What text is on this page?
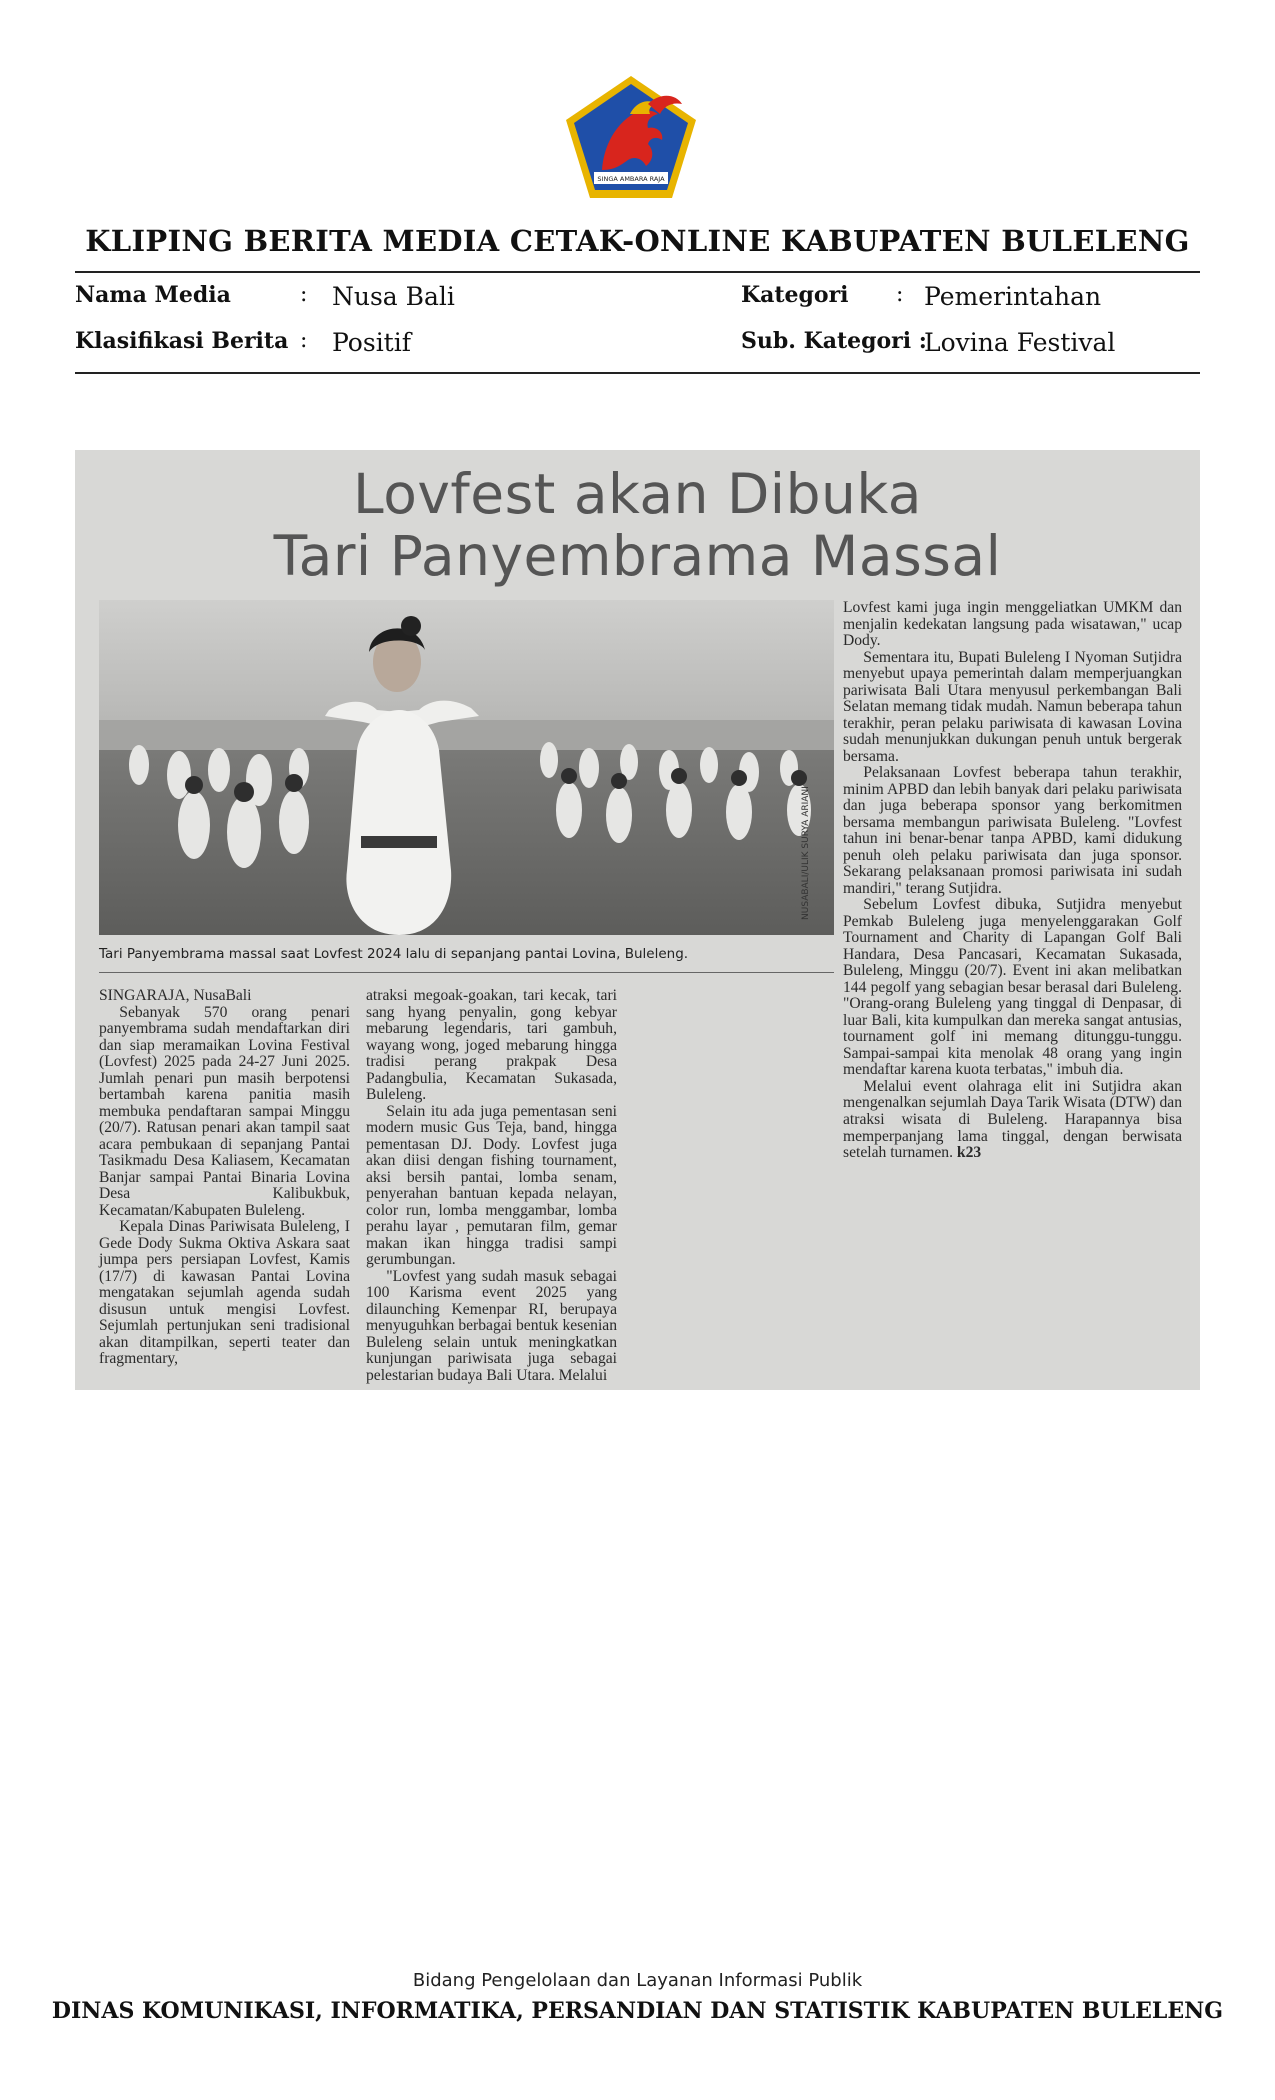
SINGA AMBARA RAJA
KLIPING BERITA MEDIA CETAK-ONLINE KABUPATEN BULELENG
Nama Media	: Nusa Bali
Klasifikasi Berita : Positif
Kategori : Pemerintahan
Sub. Kategori :
Lovina Festival
Lovfest akan Dibuka
Tari Panyembrama Massal
NUSABALI/ULIK SURYA ARIANI
Tari Panyembrama massal saat Lovfest 2024 lalu di sepanjang pantai Lovina, Buleleng.

SINGARAJA, NusaBali

Sebanyak 570 orang penari panyembrama sudah mendaftarkan diri dan siap meramaikan Lovina Festival (Lovfest) 2025 pada 24-27 Juni 2025. Jumlah penari pun masih berpotensi bertambah karena panitia masih membuka pendaftaran sampai Minggu (20/7). Ratusan penari akan tampil saat acara pembukaan di sepanjang Pantai Tasikmadu Desa Kaliasem, Kecamatan Banjar sampai Pantai Binaria Lovina Desa Kalibukbuk, Kecamatan/Kabupaten Buleleng.

Kepala Dinas Pariwisata Buleleng, I Gede Dody Sukma Oktiva Askara saat jumpa pers persiapan Lovfest, Kamis (17/7) di kawasan Pantai Lovina mengatakan sejumlah agenda sudah disusun untuk mengisi Lovfest. Sejumlah pertunjukan seni tradisional akan ditampilkan, seperti teater dan fragmentary,

atraksi megoak-goakan, tari kecak, tari sang hyang penyalin, gong kebyar mebarung legendaris, tari gambuh, wayang wong, joged mebarung hingga tradisi perang prakpak Desa Padangbulia, Kecamatan Sukasada, Buleleng.

Selain itu ada juga pementasan seni modern music Gus Teja, band, hingga pementasan DJ. Dody. Lovfest juga akan diisi dengan fishing tournament, aksi bersih pantai, lomba senam, penyerahan bantuan kepada nelayan, color run, lomba menggambar, lomba perahu layar , pemutaran film, gemar makan ikan hingga tradisi sampi gerumbungan.

"Lovfest yang sudah masuk sebagai 100 Karisma event 2025 yang dilaunching Kemenpar RI, berupaya menyuguhkan berbagai bentuk kesenian Buleleng selain untuk meningkatkan kunjungan pariwisata juga sebagai pelestarian budaya Bali Utara. Melalui

Lovfest kami juga ingin menggeliatkan UMKM dan menjalin kedekatan langsung pada wisatawan," ucap Dody.

Sementara itu, Bupati Buleleng I Nyoman Sutjidra menyebut upaya pemerintah dalam memperjuangkan pariwisata Bali Utara menyusul perkembangan Bali Selatan memang tidak mudah. Namun beberapa tahun terakhir, peran pelaku pariwisata di kawasan Lovina sudah menunjukkan dukungan penuh untuk bergerak bersama.

Pelaksanaan Lovfest beberapa tahun terakhir, minim APBD dan lebih banyak dari pelaku pariwisata dan juga beberapa sponsor yang berkomitmen bersama membangun pariwisata Buleleng. "Lovfest tahun ini benar-benar tanpa APBD, kami didukung penuh oleh pelaku pariwisata dan juga sponsor. Sekarang pelaksanaan promosi pariwisata ini sudah mandiri," terang Sutjidra.

Sebelum Lovfest dibuka, Sutjidra menyebut Pemkab Buleleng juga menyelenggarakan Golf Tournament and Charity di Lapangan Golf Bali Handara, Desa Pancasari, Kecamatan Sukasada, Buleleng, Minggu (20/7). Event ini akan melibatkan 144 pegolf yang sebagian besar berasal dari Buleleng. "Orang-orang Buleleng yang tinggal di Denpasar, di luar Bali, kita kumpulkan dan mereka sangat antusias, tournament golf ini memang ditunggu-tunggu. Sampai-sampai kita menolak 48 orang yang ingin mendaftar karena kuota terbatas," imbuh dia.

Melalui event olahraga elit ini Sutjidra akan mengenalkan sejumlah Daya Tarik Wisata (DTW) dan atraksi wisata di Buleleng. Harapannya bisa memperpanjang lama tinggal, dengan berwisata setelah turnamen. k23

Bidang Pengelolaan dan Layanan Informasi Publik
DINAS KOMUNIKASI, INFORMATIKA, PERSANDIAN DAN STATISTIK KABUPATEN BULELENG
